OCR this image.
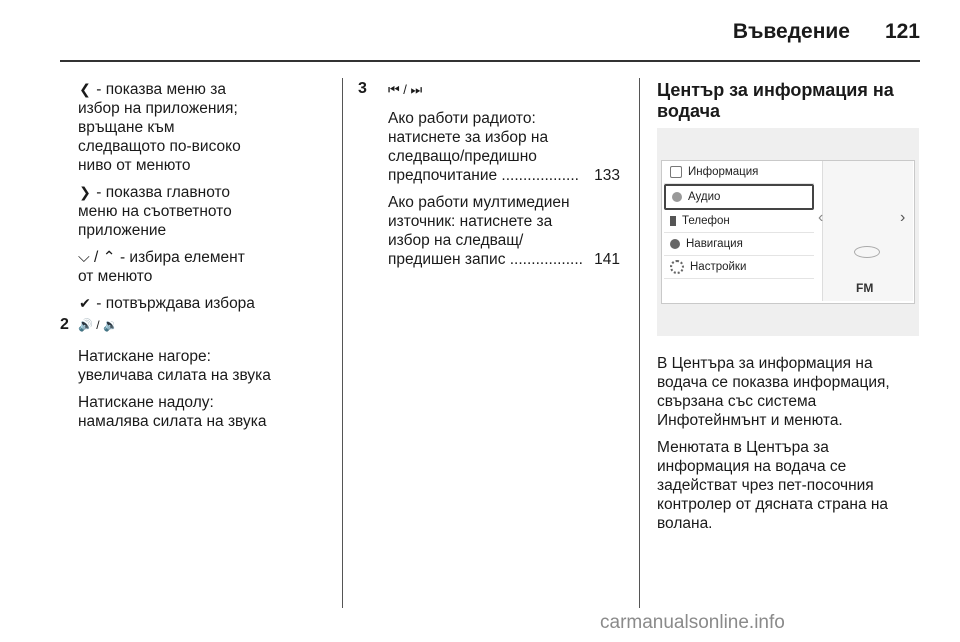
Въведение	121

❮ - показва меню за
избор на приложения;
връщане към
следващото по-високо
ниво от менюто

❯ - показва главното
меню на съответното
приложение

⌵ / ⌃ - избира елемент
от менюто

✔ - потвърждава избора

2 🔊 / 🔉

Натискане нагоре:
увеличава силата на звука

Натискане надолу:
намалява силата на звука

3 ⏮ / ⏭

Ако работи радиото:
натиснете за избор на
следващо/предишно

предпочитание .................. 133

Ако работи мултимедиен
източник: натиснете за
избор на следващ/

предишен запис ................. 141

Център за информация на
водача

Информация
Аудио
Телефон
Навигация
Настройки
‹	›
FM

В Центъра за информация на
водача се показва информация,
свързана със система
Инфотейнмънт и менюта.

Менютата в Центъра за
информация на водача се
задействат чрез пет-посочния
контролер от дясната страна на
волана.

carmanualsonline.info
